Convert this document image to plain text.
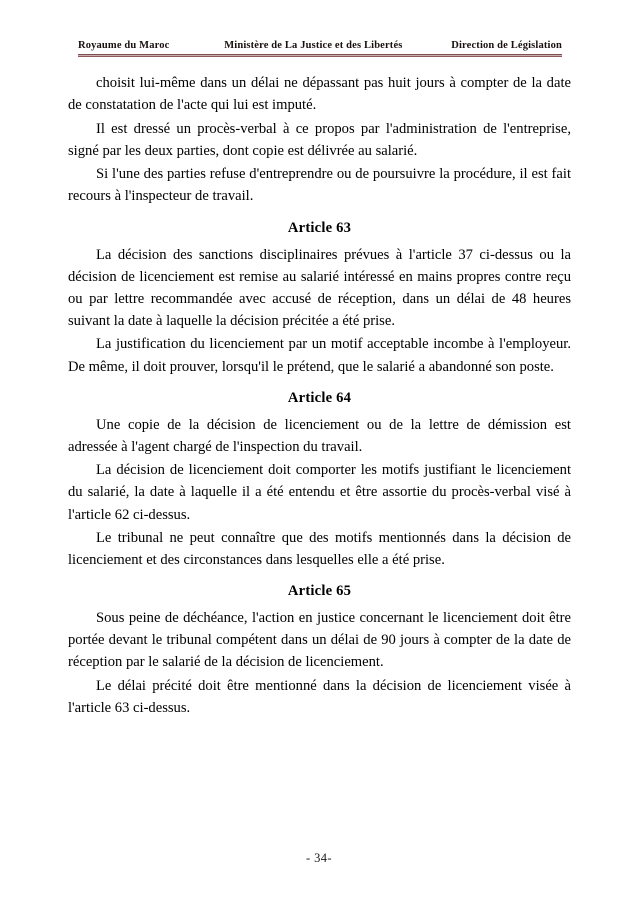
Royaume du Maroc	Ministère de La Justice et des Libertés	Direction de Législation

choisit lui-même dans un délai ne dépassant pas huit jours à compter de la date de constatation de l'acte qui lui est imputé.

Il est dressé un procès-verbal à ce propos par l'administration de l'entreprise, signé par les deux parties, dont copie est délivrée au salarié.

Si l'une des parties refuse d'entreprendre ou de poursuivre la procédure, il est fait recours à l'inspecteur de travail.

Article 63

La décision des sanctions disciplinaires prévues à l'article 37 ci-dessus ou la décision de licenciement est remise au salarié intéressé en mains propres contre reçu ou par lettre recommandée avec accusé de réception, dans un délai de 48 heures suivant la date à laquelle la décision précitée a été prise.

La justification du licenciement par un motif acceptable incombe à l'employeur. De même, il doit prouver, lorsqu'il le prétend, que le salarié a abandonné son poste.

Article 64

Une copie de la décision de licenciement ou de la lettre de démission est adressée à l'agent chargé de l'inspection du travail.

La décision de licenciement doit comporter les motifs justifiant le licenciement du salarié, la date à laquelle il a été entendu et être assortie du procès-verbal visé à l'article 62 ci-dessus.

Le tribunal ne peut connaître que des motifs mentionnés dans la décision de licenciement et des circonstances dans lesquelles elle a été prise.

Article 65

Sous peine de déchéance, l'action en justice concernant le licenciement doit être portée devant le tribunal compétent dans un délai de 90 jours à compter de la date de réception par le salarié de la décision de licenciement.

Le délai précité doit être mentionné dans la décision de licenciement visée à l'article 63 ci-dessus.

- 34-
